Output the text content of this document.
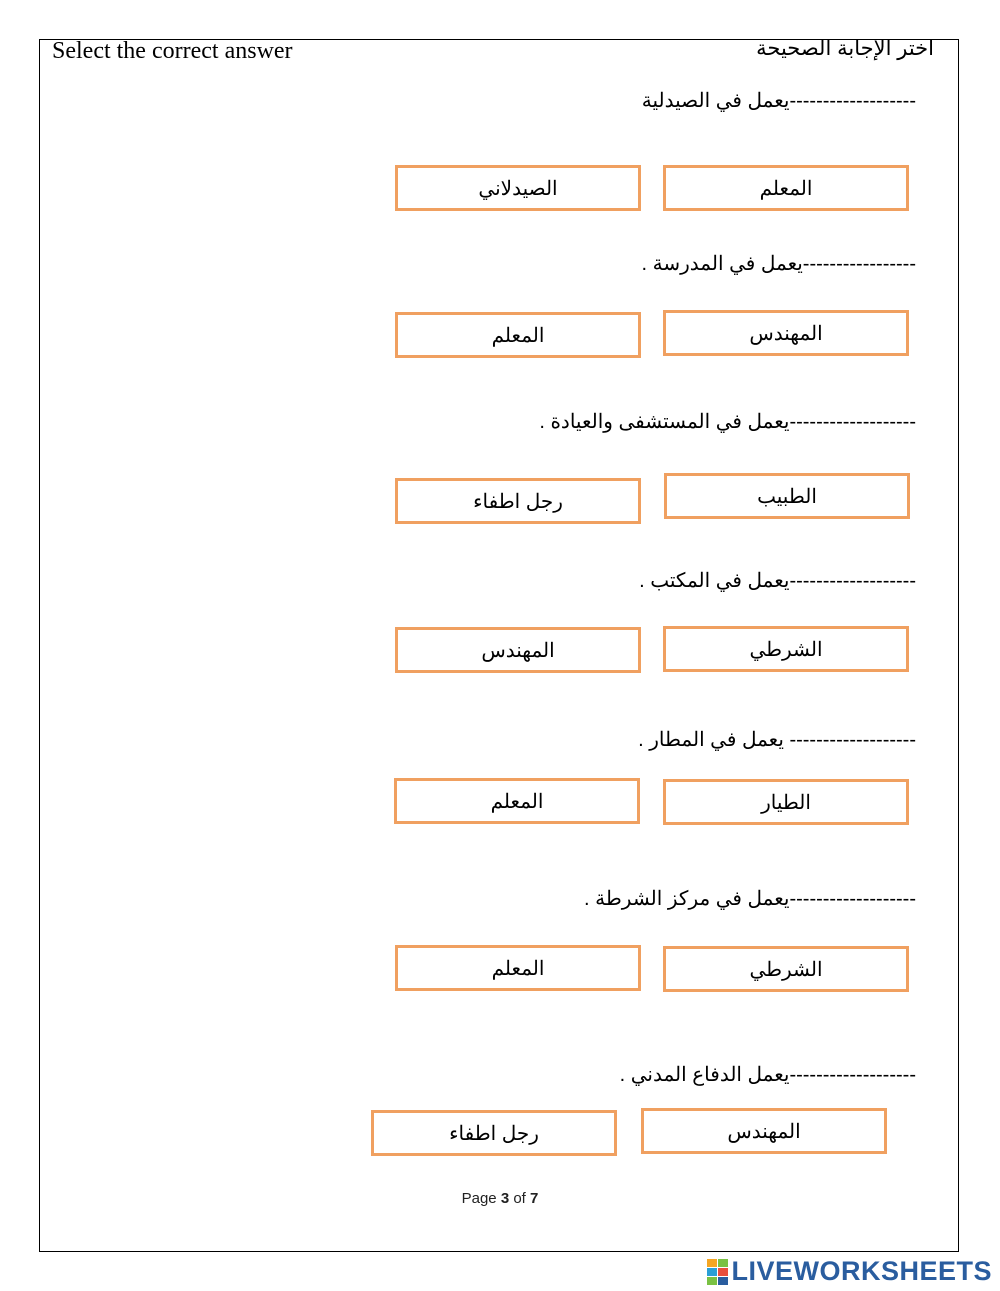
Select the correct answer	اختر الإجابة الصحيحة
-------------------يعمل في الصيدلية
المعلم
الصيدلاني
-----------------يعمل في المدرسة .
المهندس
المعلم
-------------------يعمل في المستشفى والعيادة .
الطبيب
رجل اطفاء
-------------------يعمل في المكتب .
الشرطي
المهندس
------------------- يعمل في المطار .
الطيار
المعلم
-------------------يعمل في مركز الشرطة .
الشرطي
المعلم
-------------------يعمل الدفاع المدني .
المهندس
رجل اطفاء
Page 3 of 7
LIVEWORKSHEETS
